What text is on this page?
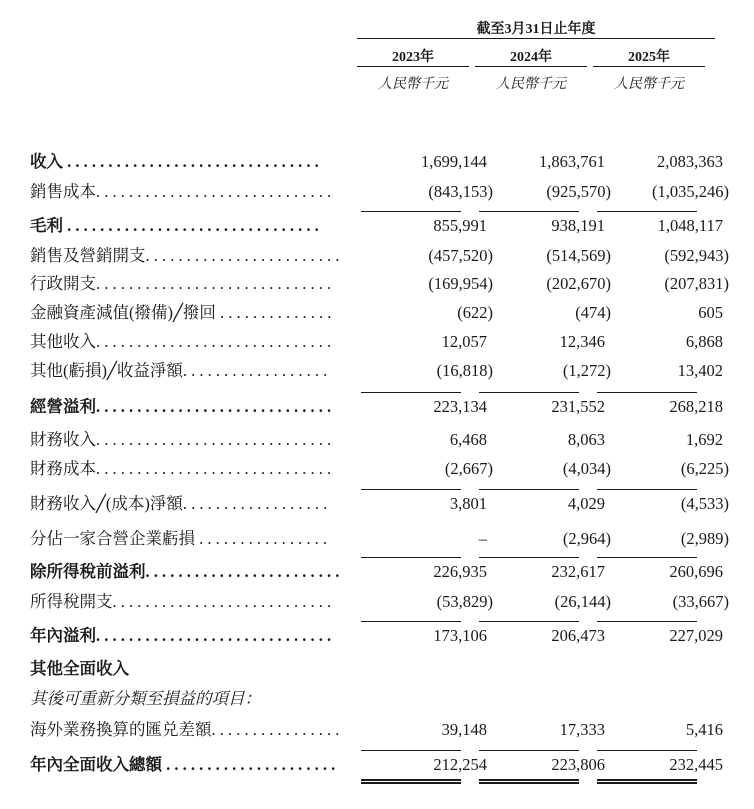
截至3月31日止年度
2023年	2024年	2025年
人民幣千元	人民幣千元	人民幣千元
收入 . . . . . . . . . . . . . . . . . . . . . . . . . . . . . . .	1,699,144	1,863,761	2,083,363
銷售成本. . . . . . . . . . . . . . . . . . . . . . . . . . . . .	(843,153)	(925,570)	(1,035,246)
毛利 . . . . . . . . . . . . . . . . . . . . . . . . . . . . . . .	855,991	938,191	1,048,117
銷售及營銷開支. . . . . . . . . . . . . . . . . . . . . . . .	(457,520)	(514,569)	(592,943)
行政開支. . . . . . . . . . . . . . . . . . . . . . . . . . . . .	(169,954)	(202,670)	(207,831)
金融資產減值(撥備)╱撥回 . . . . . . . . . . . . . .	(622)	(474)	605
其他收入. . . . . . . . . . . . . . . . . . . . . . . . . . . . .	12,057	12,346	6,868
其他(虧損)╱收益淨額. . . . . . . . . . . . . . . . . .	(16,818)	(1,272)	13,402
經營溢利. . . . . . . . . . . . . . . . . . . . . . . . . . . . .	223,134	231,552	268,218
財務收入. . . . . . . . . . . . . . . . . . . . . . . . . . . . .	6,468	8,063	1,692
財務成本. . . . . . . . . . . . . . . . . . . . . . . . . . . . .	(2,667)	(4,034)	(6,225)
財務收入╱(成本)淨額. . . . . . . . . . . . . . . . . .	3,801	4,029	(4,533)
分佔一家合營企業虧損 . . . . . . . . . . . . . . . .	–	(2,964)	(2,989)
除所得稅前溢利. . . . . . . . . . . . . . . . . . . . . . . .	226,935	232,617	260,696
所得稅開支. . . . . . . . . . . . . . . . . . . . . . . . . . .	(53,829)	(26,144)	(33,667)
年內溢利. . . . . . . . . . . . . . . . . . . . . . . . . . . . .	173,106	206,473	227,029
其他全面收入
其後可重新分類至損益的項目：
海外業務換算的匯兑差額. . . . . . . . . . . . . . . .	39,148	17,333	5,416
年內全面收入總額 . . . . . . . . . . . . . . . . . . . . .	212,254	223,806	232,445
